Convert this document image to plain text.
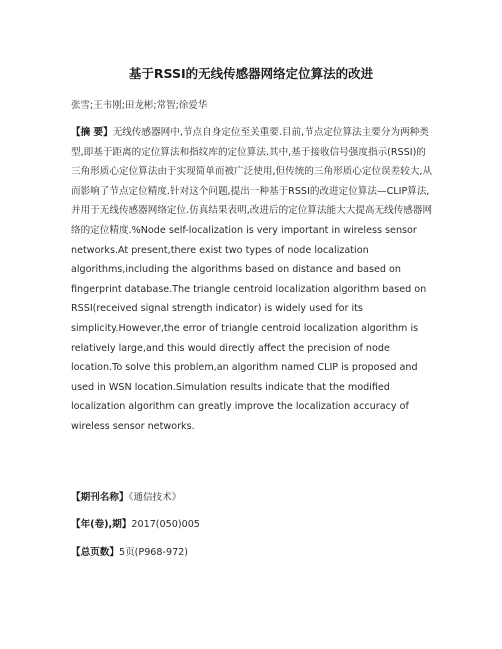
基于RSSI的无线传感器网络定位算法的改进
张雪;王韦刚;田龙彬;常智;徐爱华
【摘 要】无线传感器网中,节点自身定位至关重要.目前,节点定位算法主要分为两种类型,即基于距离的定位算法和指纹库的定位算法.其中,基于接收信号强度指示(RSSI)的三角形质心定位算法由于实现简单而被广泛使用,但传统的三角形质心定位误差较大,从而影响了节点定位精度.针对这个问题,提出一种基于RSSI的改进定位算法—CLIP算法,并用于无线传感器网络定位.仿真结果表明,改进后的定位算法能大大提高无线传感器网络的定位精度.%Node self-localization is very important in wireless sensor networks.At present,there exist two types of node localization algorithms,including the algorithms based on distance and based on fingerprint database.The triangle centroid localization algorithm based on RSSI(received signal strength indicator) is widely used for its simplicity.However,the error of triangle centroid localization algorithm is relatively large,and this would directly affect the precision of node location.To solve this problem,an algorithm named CLIP is proposed and used in WSN location.Simulation results indicate that the modified localization algorithm can greatly improve the localization accuracy of wireless sensor networks.
【期刊名称】《通信技术》
【年(卷),期】2017(050)005
【总页数】5页(P968-972)
